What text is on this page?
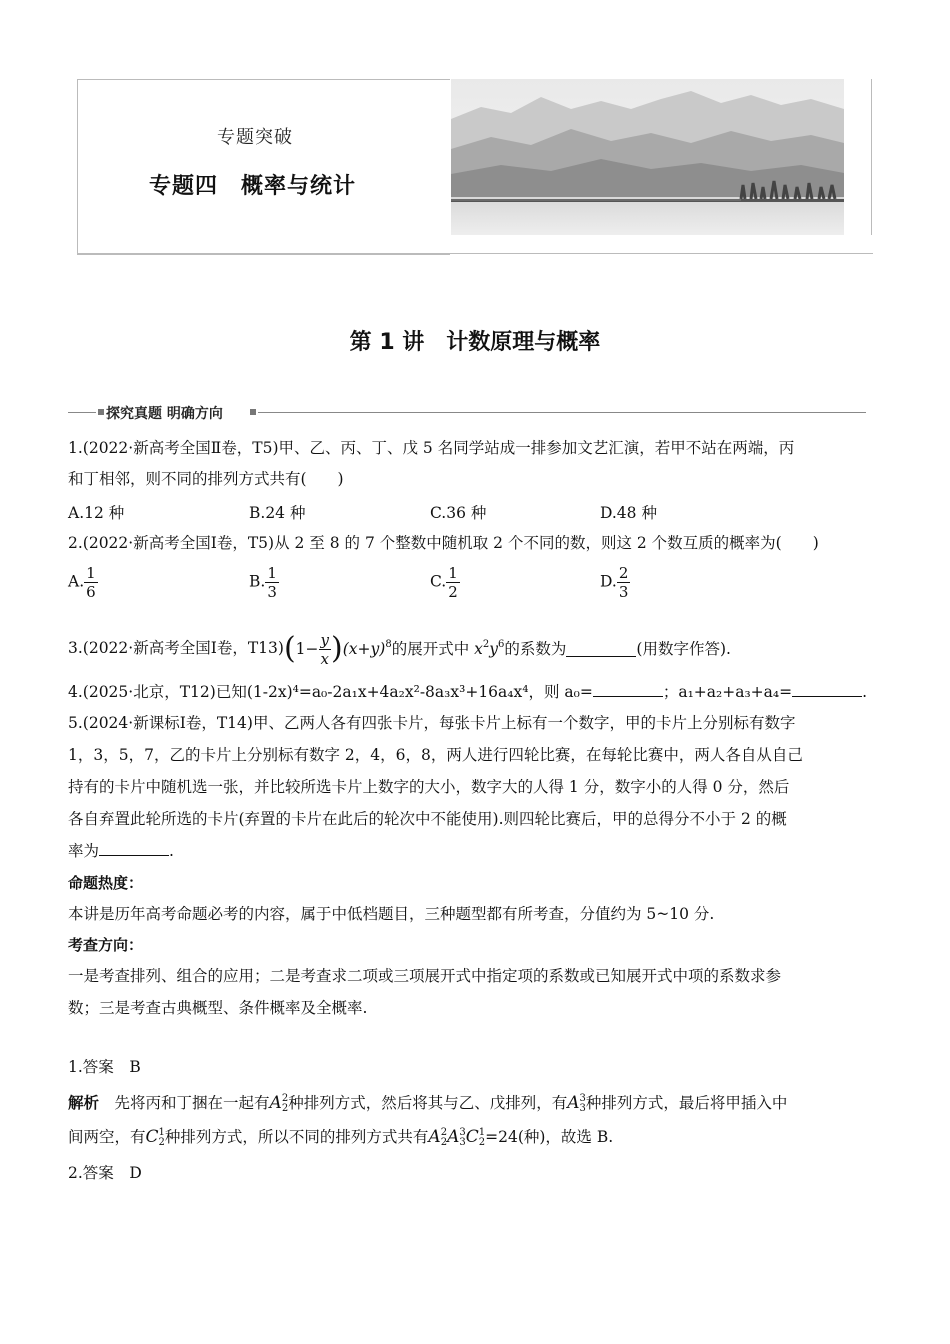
专题突破
专题四　概率与统计
第 1 讲　计数原理与概率
探究真题 明确方向
1.(2022·新高考全国Ⅱ卷，T5)甲、乙、丙、丁、戊 5 名同学站成一排参加文艺汇演，若甲不站在两端，丙
和丁相邻，则不同的排列方式共有(　　)
A.12 种	B.24 种	C.36 种	D.48 种
2.(2022·新高考全国Ⅰ卷，T5)从 2 至 8 的 7 个整数中随机取 2 个不同的数，则这 2 个数互质的概率为(　　)
A. $\frac{1}{6}$	B. $\frac{1}{3}$	C. $\frac{1}{2}$	D. $\frac{2}{3}$
3.(2022·新高考全国Ⅰ卷，$T13)(1- \frac{y}{x} )(x+y)^8$的展开式中 $x^2y^6$的系数为	(用数字作答).
4.(2025·北京，T12)已知(1-2x)⁴=a₀-2a₁x+4a₂x²-8a₃x³+16a₄x⁴，则 a₀=	；a₁+a₂+a₃+a₄=	.
5.(2024·新课标Ⅰ卷，T14)甲、乙两人各有四张卡片，每张卡片上标有一个数字，甲的卡片上分别标有数字
1，3，5，7，乙的卡片上分别标有数字 2，4，6，8，两人进行四轮比赛，在每轮比赛中，两人各自从自己
持有的卡片中随机选一张，并比较所选卡片上数字的大小，数字大的人得 1 分，数字小的人得 0 分，然后
各自弃置此轮所选的卡片(弃置的卡片在此后的轮次中不能使用).则四轮比赛后，甲的总得分不小于 2 的概
率为	.
命题热度：
本讲是历年高考命题必考的内容，属于中低档题目，三种题型都有所考查，分值约为 5~10 分.
考查方向：
一是考查排列、组合的应用；二是考查求二项或三项展开式中指定项的系数或已知展开式中项的系数求参
数；三是考查古典概型、条件概率及全概率.
1.答案　 B
解析　 先将丙和丁捆在一起有A2
2种排列方式，然后将其与乙、戊排列，有A3
3种排列方式，最后将甲插入中
间两空，有C1
2种排列方式，所以不同的排列方式共有A2
2A3
3C1
2=24(种)，故选 B.
2.答案　 D
